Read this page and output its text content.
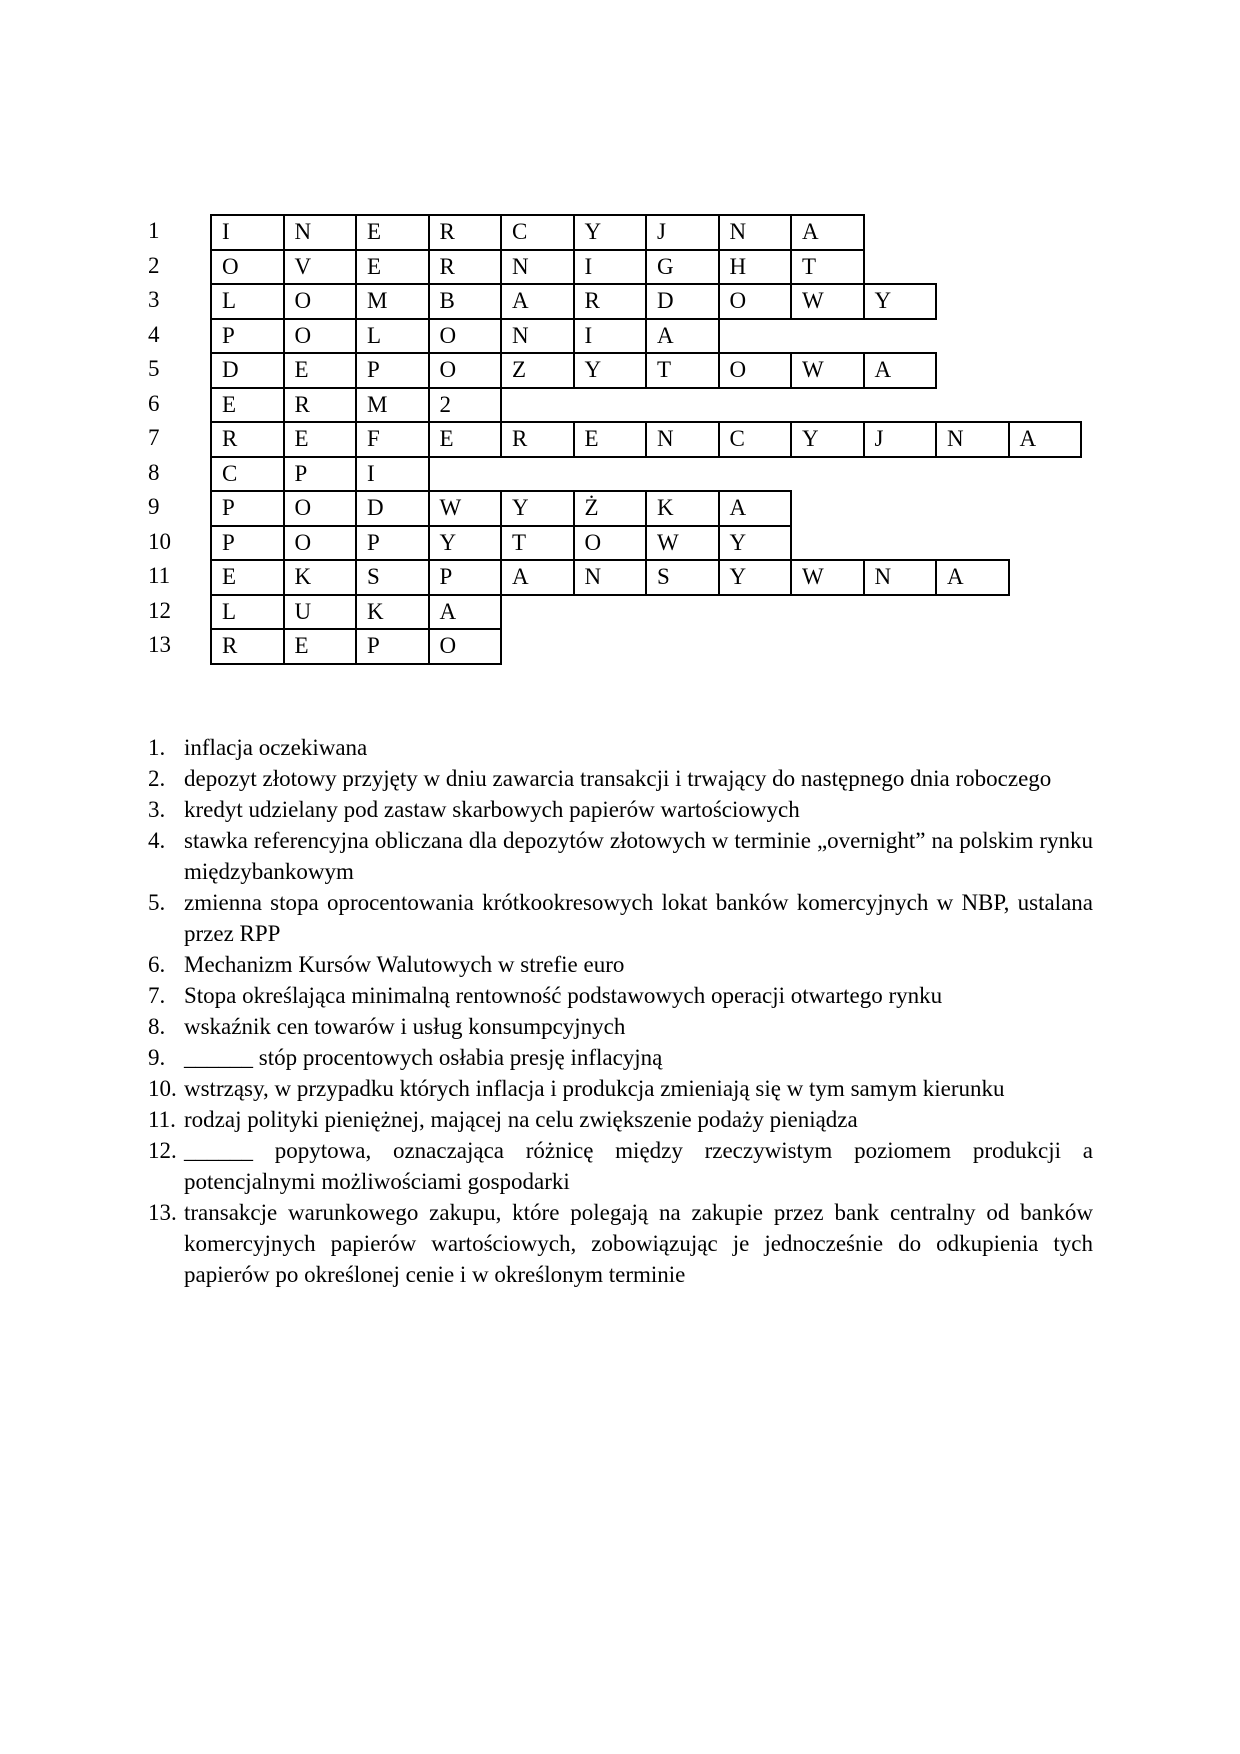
1	I	N	E	R	C	Y	J	N	A
2	O	V	E	R	N	I	G	H	T
3	L	O	M	B	A	R	D	O	W	Y
4	P	O	L	O	N	I	A
5	D	E	P	O	Z	Y	T	O	W	A
6	E	R	M	2
7	R	E	F	E	R	E	N	C	Y	J	N	A
8	C	P	I
9	P	O	D	W	Y	Ż	K	A
10	P	O	P	Y	T	O	W	Y
11	E	K	S	P	A	N	S	Y	W	N	A
12	L	U	K	A
13	R	E	P	O
1. inflacja oczekiwana
2. depozyt złotowy przyjęty w dniu zawarcia transakcji i trwający do następnego dnia roboczego
3. kredyt udzielany pod zastaw skarbowych papierów wartościowych
4. stawka referencyjna obliczana dla depozytów złotowych w terminie „overnight” na polskim rynku międzybankowym
5. zmienna stopa oprocentowania krótkookresowych lokat banków komercyjnych w NBP, ustalana przez RPP
6. Mechanizm Kursów Walutowych w strefie euro
7. Stopa określająca minimalną rentowność podstawowych operacji otwartego rynku
8. wskaźnik cen towarów i usług konsumpcyjnych
9. ______ stóp procentowych osłabia presję inflacyjną
10. wstrząsy, w przypadku których inflacja i produkcja zmieniają się w tym samym kierunku
11. rodzaj polityki pieniężnej, mającej na celu zwiększenie podaży pieniądza
12. ______ popytowa, oznaczająca różnicę między rzeczywistym poziomem produkcji a potencjalnymi możliwościami gospodarki
13. transakcje warunkowego zakupu, które polegają na zakupie przez bank centralny od banków komercyjnych papierów wartościowych, zobowiązując je jednocześnie do odkupienia tych papierów po określonej cenie i w określonym terminie
